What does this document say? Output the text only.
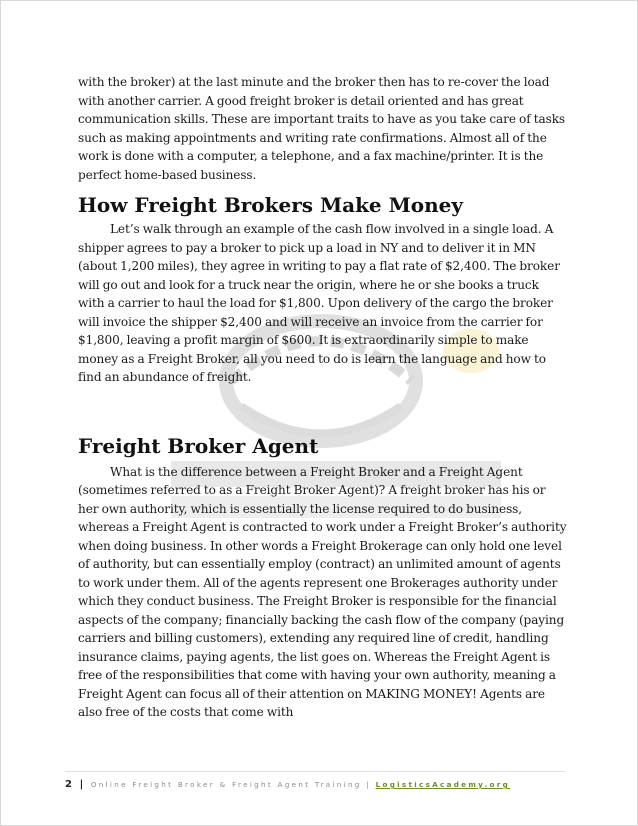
with the broker) at the last minute and the broker then has to re-cover the load with another carrier. A good freight broker is detail oriented and has great communication skills. These are important traits to have as you take care of tasks such as making appointments and writing rate confirmations. Almost all of the work is done with a computer, a telephone, and a fax machine/printer. It is the perfect home-based business.

How Freight Brokers Make Money

Let’s walk through an example of the cash flow involved in a single load. A shipper agrees to pay a broker to pick up a load in NY and to deliver it in MN (about 1,200 miles), they agree in writing to pay a flat rate of $2,400. The broker will go out and look for a truck near the origin, where he or she books a truck with a carrier to haul the load for $1,800. Upon delivery of the cargo the broker will invoice the shipper $2,400 and will receive an invoice from the carrier for $1,800, leaving a profit margin of $600. It is extraordinarily simple to make money as a Freight Broker, all you need to do is learn the language and how to find an abundance of freight.

Freight Broker Agent

What is the difference between a Freight Broker and a Freight Agent (sometimes referred to as a Freight Broker Agent)? A freight broker has his or her own authority, which is essentially the license required to do business, whereas a Freight Agent is contracted to work under a Freight Broker’s authority when doing business. In other words a Freight Brokerage can only hold one level of authority, but can essentially employ (contract) an unlimited amount of agents to work under them. All of the agents represent one Brokerages authority under which they conduct business. The Freight Broker is responsible for the financial aspects of the company; financially backing the cash flow of the company (paying carriers and billing customers), extending any required line of credit, handling insurance claims, paying agents, the list goes on. Whereas the Freight Agent is free of the responsibilities that come with having your own authority, meaning a Freight Agent can focus all of their attention on MAKING MONEY! Agents are also free of the costs that come with

2 | Online Freight Broker & Freight Agent Training | LogisticsAcademy.org
